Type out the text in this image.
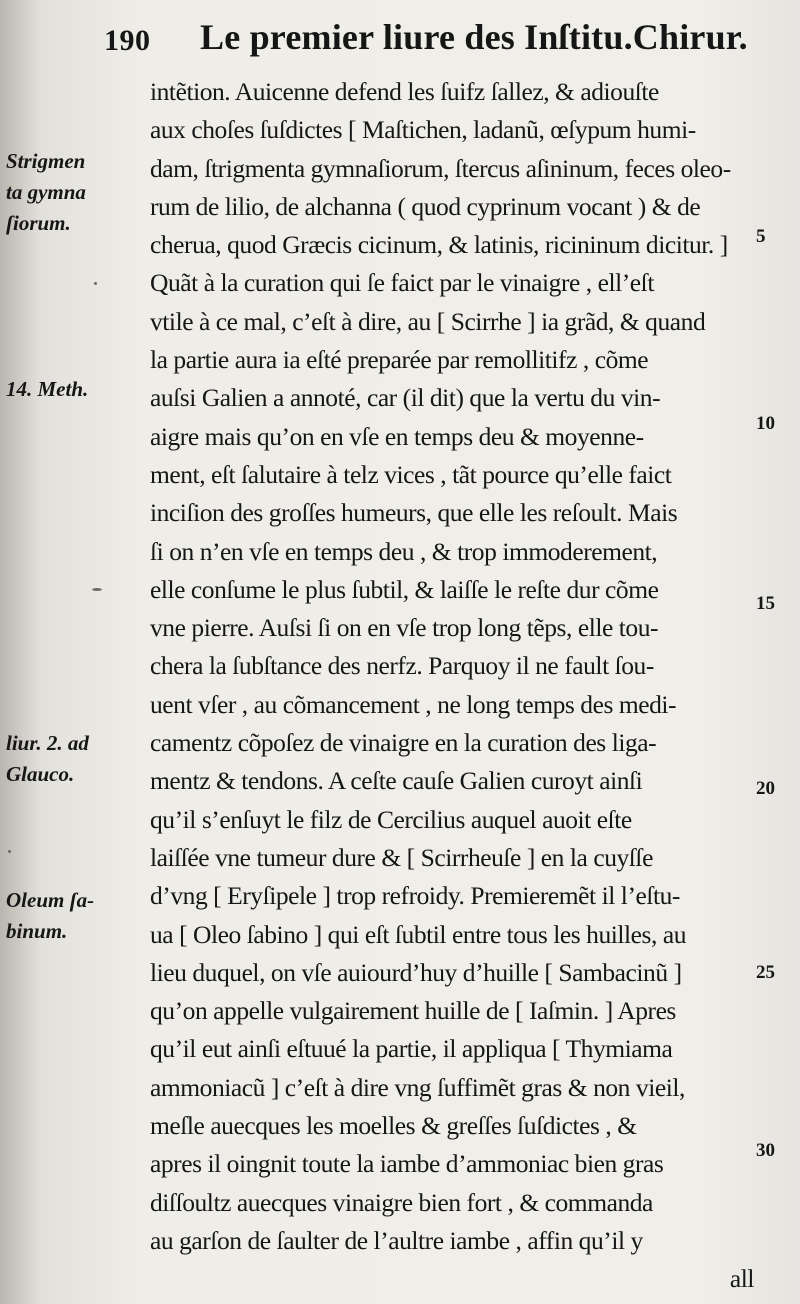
190 Le premier liure des Inſtitu.Chirur.
intẽtion. Auicenne defend les ſuifz ſallez, & adiouſte
aux choſes ſuſdictes [ Maſtichen, ladanũ, œſypum humi-
dam, ſtrigmenta gymnaſiorum, ſtercus aſininum, feces oleo-
rum de lilio, de alchanna ( quod cyprinum vocant ) & de
cherua, quod Græcis cicinum, & latinis, ricininum dicitur. ]
Quãt à la curation qui ſe faict par le vinaigre , ell’eſt
vtile à ce mal, c’eſt à dire, au [ Scirrhe ] ia grãd, & quand
la partie aura ia eſté preparée par remollitifz , cõme
auſsi Galien a annoté, car (il dit) que la vertu du vin-
aigre mais qu’on en vſe en temps deu & moyenne-
ment, eſt ſalutaire à telz vices , tãt pource qu’elle faict
inciſion des groſſes humeurs, que elle les reſoult. Mais
ſi on n’en vſe en temps deu , & trop immoderement,
elle conſume le plus ſubtil, & laiſſe le reſte dur cõme
vne pierre. Auſsi ſi on en vſe trop long tẽps, elle tou-
chera la ſubſtance des nerfz. Parquoy il ne fault ſou-
uent vſer , au cõmancement , ne long temps des medi-
camentz cõpoſez de vinaigre en la curation des liga-
mentz & tendons. A ceſte cauſe Galien curoyt ainſi
qu’il s’enſuyt le filz de Cercilius auquel auoit eſte
laiſſée vne tumeur dure & [ Scirrheuſe ] en la cuyſſe
d’vng [ Eryſipele ] trop refroidy. Premieremẽt il l’eſtu-
ua [ Oleo ſabino ] qui eſt ſubtil entre tous les huilles, au
lieu duquel, on vſe auiourd’huy d’huille [ Sambacinũ ]
qu’on appelle vulgairement huille de [ Iaſmin. ] Apres
qu’il eut ainſi eſtuué la partie, il appliqua [ Thymiama
ammoniacũ ] c’eſt à dire vng ſuffimẽt gras & non vieil,
meſle auecques les moelles & greſſes ſuſdictes , &
apres il oingnit toute la iambe d’ammoniac bien gras
diſſoultz auecques vinaigre bien fort , & commanda
au garſon de ſaulter de l’aultre iambe , affin qu’il y
all
Strigmen
ta gymna
ſiorum.
14. Meth.
liur. 2. ad
Glauco.
Oleum ſa-
binum.
5
10
15
20
25
30
